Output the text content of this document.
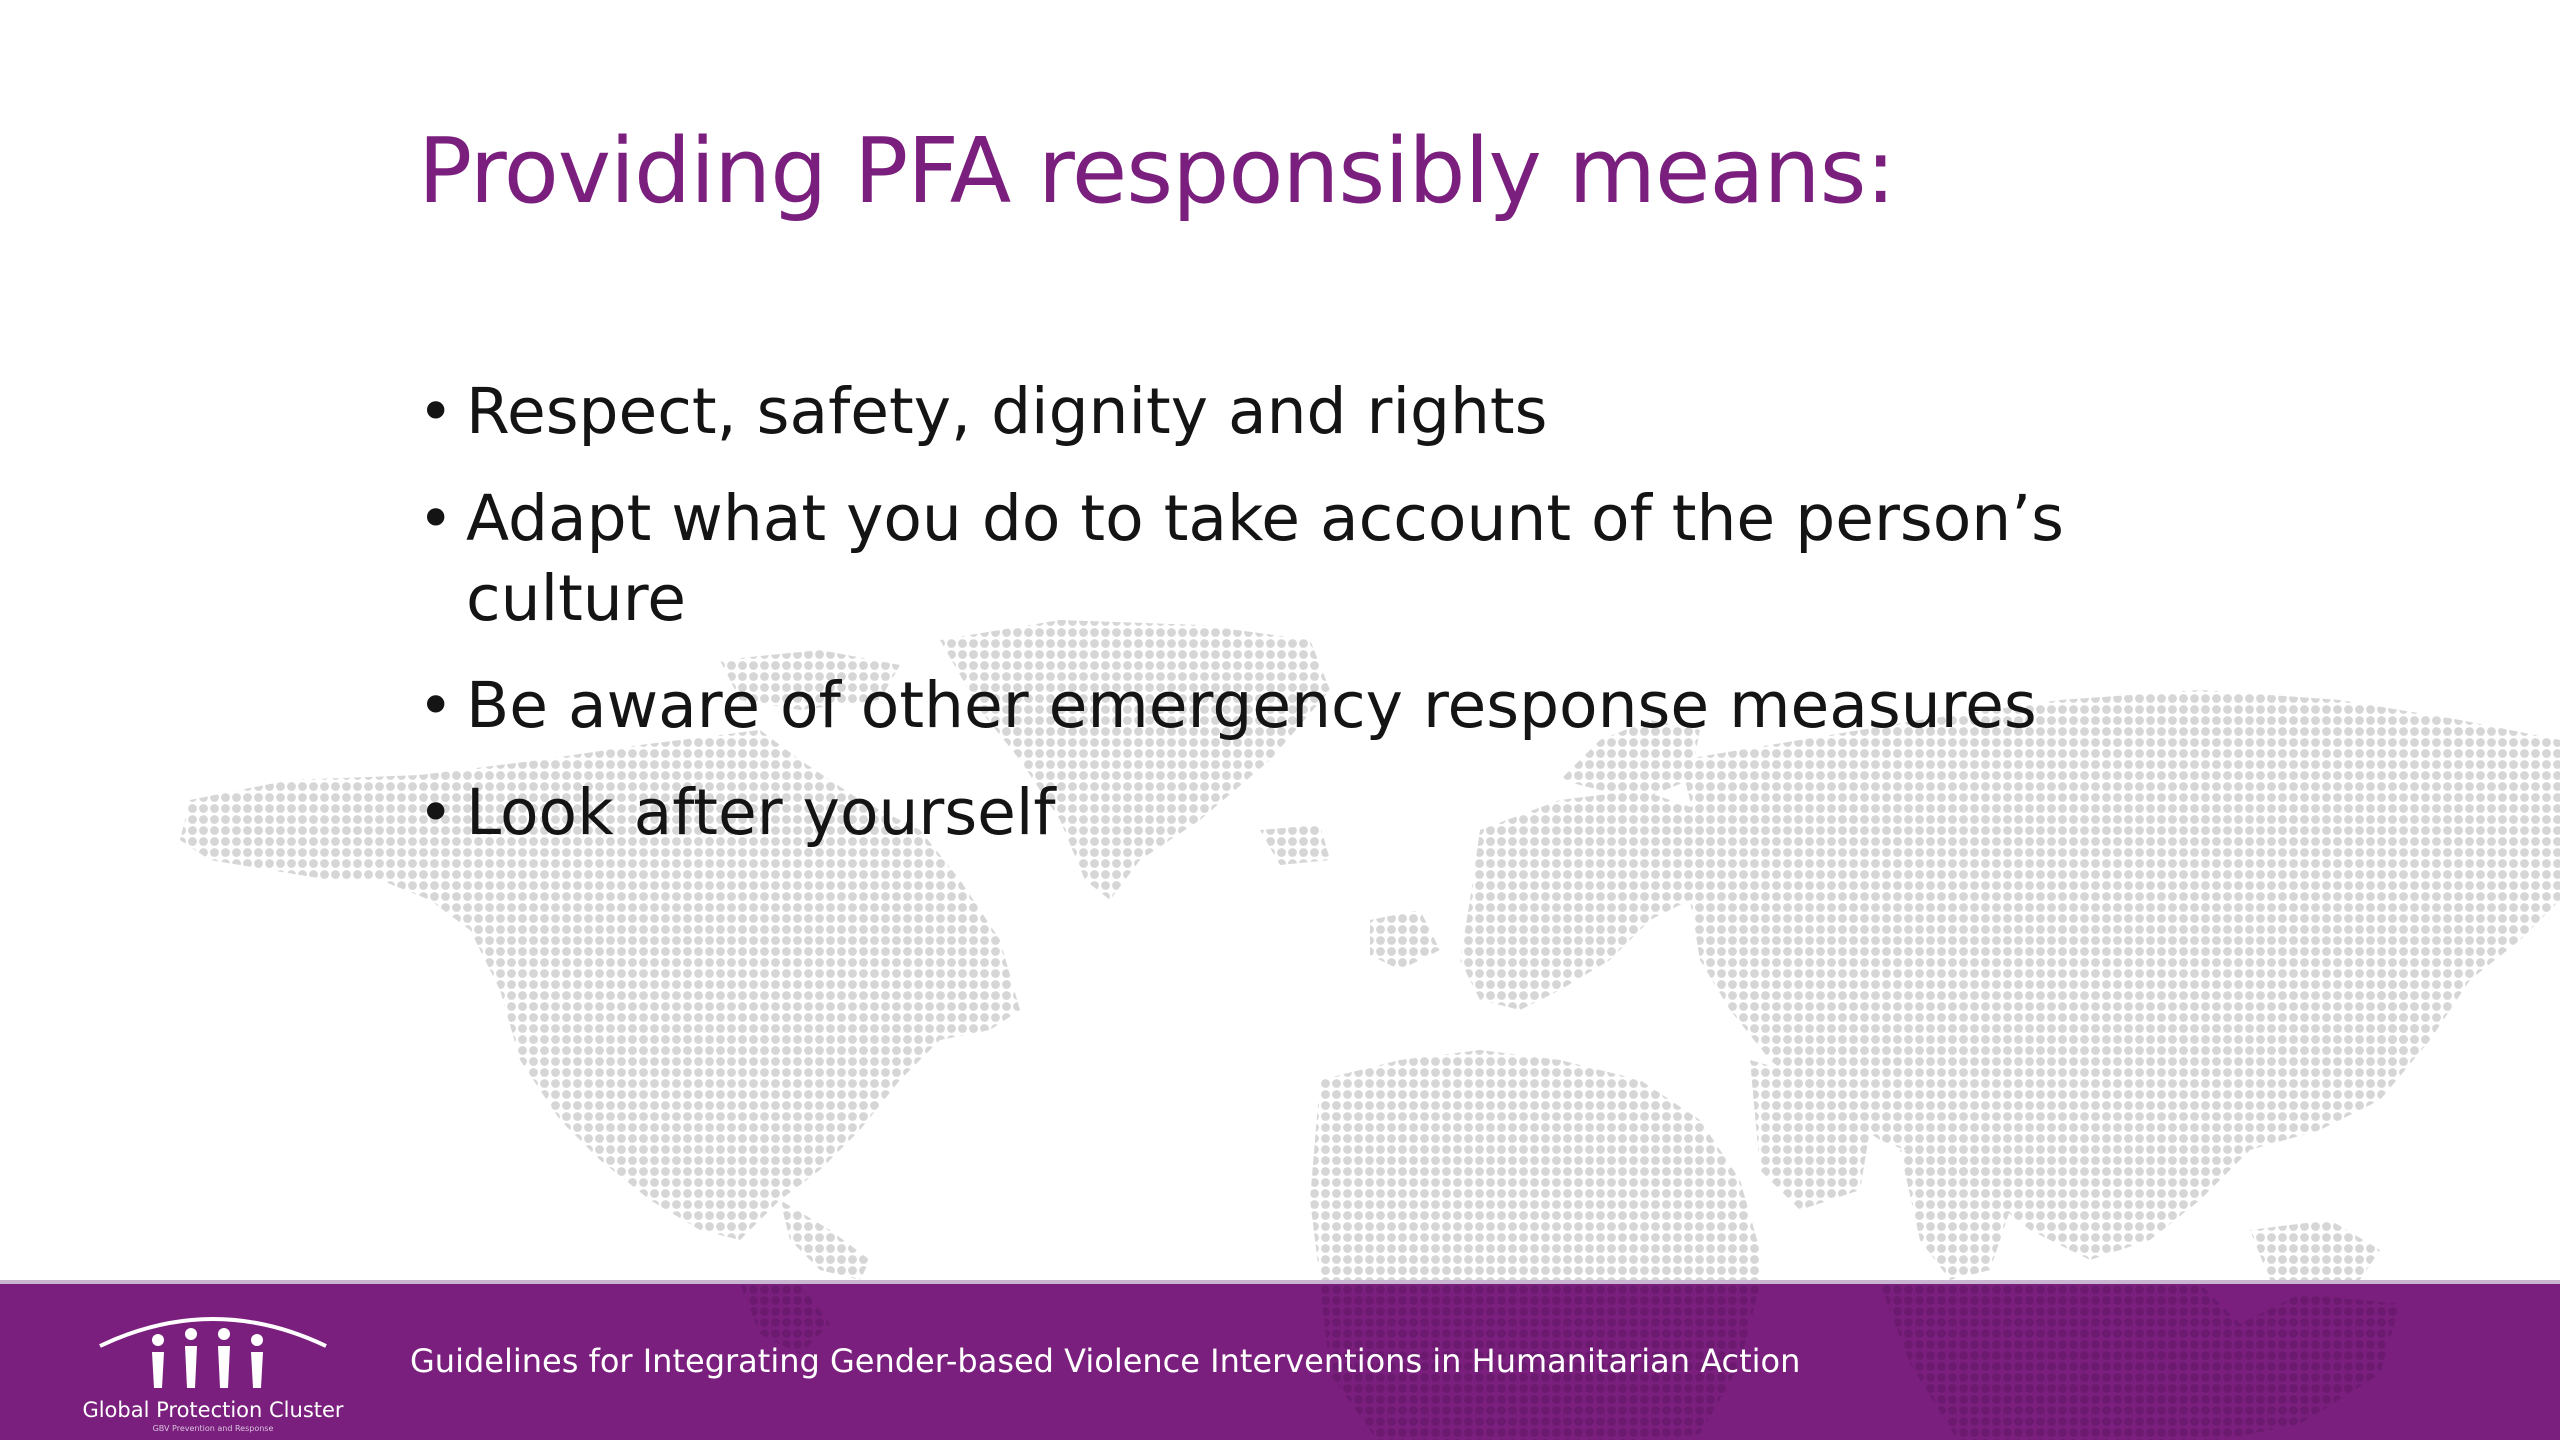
Providing PFA responsibly means:
• Respect, safety, dignity and rights
• Adapt what you do to take account of the person’s culture
• Be aware of other emergency response measures
• Look after yourself
Global Protection Cluster
GBV Prevention and Response
Guidelines for Integrating Gender-based Violence Interventions in Humanitarian Action
